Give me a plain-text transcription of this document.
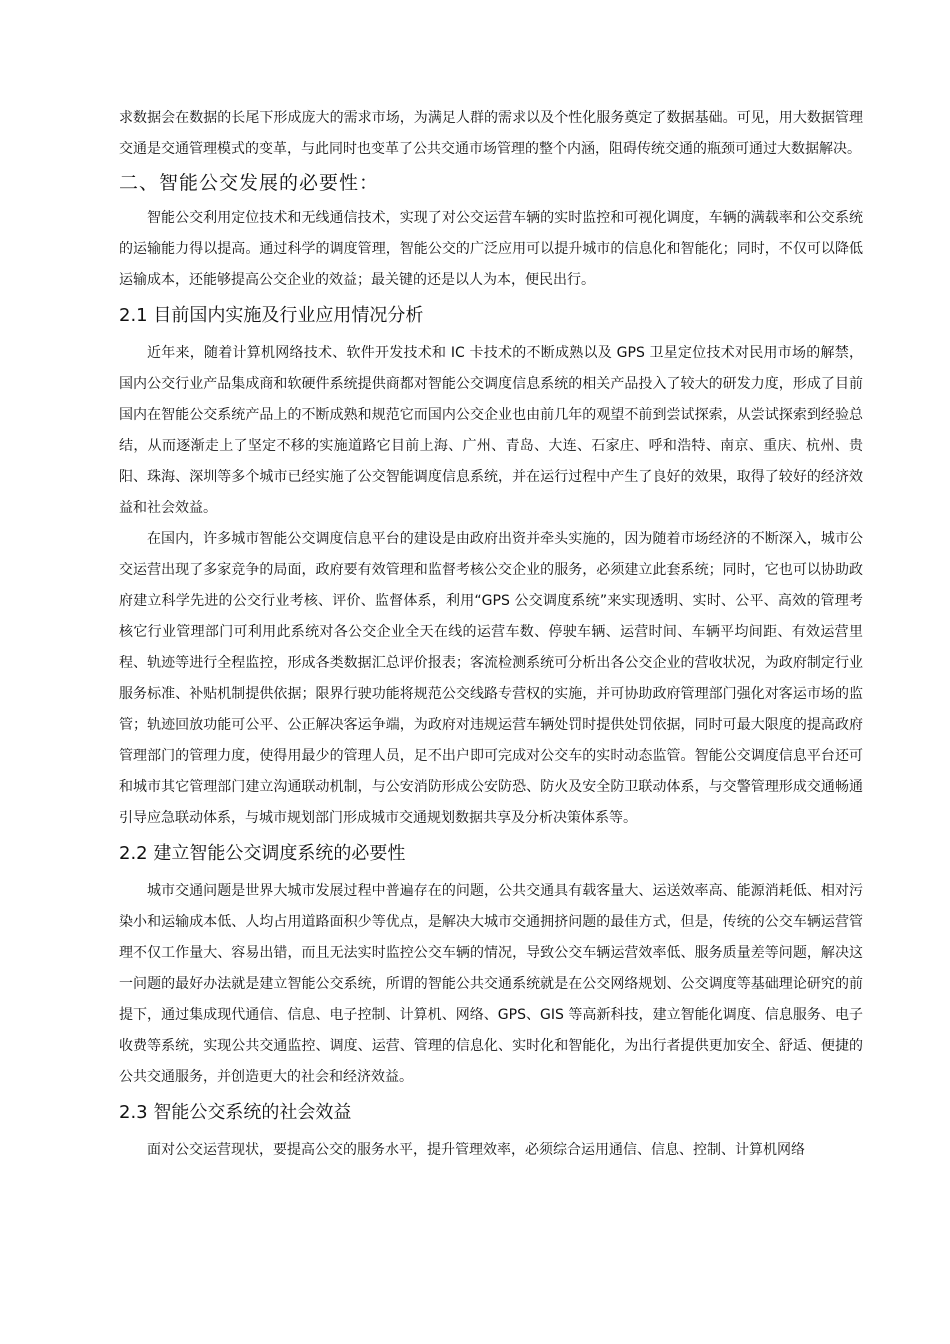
求数据会在数据的长尾下形成庞大的需求市场，为满足人群的需求以及个性化服务奠定了数据基础。可见，用大数据管理交通是交通管理模式的变革，与此同时也变革了公共交通市场管理的整个内涵，阻碍传统交通的瓶颈可通过大数据解决。

二、智能公交发展的必要性：

智能公交利用定位技术和无线通信技术，实现了对公交运营车辆的实时监控和可视化调度，车辆的满载率和公交系统的运输能力得以提高。通过科学的调度管理，智能公交的广泛应用可以提升城市的信息化和智能化；同时，不仅可以降低运输成本，还能够提高公交企业的效益；最关键的还是以人为本，便民出行。

2.1 目前国内实施及行业应用情况分析

近年来，随着计算机网络技术、软件开发技术和 IC 卡技术的不断成熟以及 GPS 卫星定位技术对民用市场的解禁，国内公交行业产品集成商和软硬件系统提供商都对智能公交调度信息系统的相关产品投入了较大的研发力度，形成了目前国内在智能公交系统产品上的不断成熟和规范它而国内公交企业也由前几年的观望不前到尝试探索，从尝试探索到经验总结，从而逐渐走上了坚定不移的实施道路它目前上海、广州、青岛、大连、石家庄、呼和浩特、南京、重庆、杭州、贵阳、珠海、深圳等多个城市已经实施了公交智能调度信息系统，并在运行过程中产生了良好的效果，取得了较好的经济效益和社会效益。

在国内，许多城市智能公交调度信息平台的建设是由政府出资并牵头实施的，因为随着市场经济的不断深入，城市公交运营出现了多家竞争的局面，政府要有效管理和监督考核公交企业的服务，必须建立此套系统；同时，它也可以协助政府建立科学先进的公交行业考核、评价、监督体系，利用“GPS 公交调度系统”来实现透明、实时、公平、高效的管理考核它行业管理部门可利用此系统对各公交企业全天在线的运营车数、停驶车辆、运营时间、车辆平均间距、有效运营里程、轨迹等进行全程监控，形成各类数据汇总评价报表；客流检测系统可分析出各公交企业的营收状况，为政府制定行业服务标准、补贴机制提供依据；限界行驶功能将规范公交线路专营权的实施，并可协助政府管理部门强化对客运市场的监管；轨迹回放功能可公平、公正解决客运争端，为政府对违规运营车辆处罚时提供处罚依据，同时可最大限度的提高政府管理部门的管理力度，使得用最少的管理人员，足不出户即可完成对公交车的实时动态监管。智能公交调度信息平台还可和城市其它管理部门建立沟通联动机制，与公安消防形成公安防恐、防火及安全防卫联动体系，与交警管理形成交通畅通引导应急联动体系，与城市规划部门形成城市交通规划数据共享及分析决策体系等。

2.2 建立智能公交调度系统的必要性

城市交通问题是世界大城市发展过程中普遍存在的问题，公共交通具有载客量大、运送效率高、能源消耗低、相对污染小和运输成本低、人均占用道路面积少等优点，是解决大城市交通拥挤问题的最佳方式，但是，传统的公交车辆运营管理不仅工作量大、容易出错，而且无法实时监控公交车辆的情况，导致公交车辆运营效率低、服务质量差等问题，解决这一问题的最好办法就是建立智能公交系统，所谓的智能公共交通系统就是在公交网络规划、公交调度等基础理论研究的前提下，通过集成现代通信、信息、电子控制、计算机、网络、GPS、GIS 等高新科技，建立智能化调度、信息服务、电子收费等系统，实现公共交通监控、调度、运营、管理的信息化、实时化和智能化，为出行者提供更加安全、舒适、便捷的公共交通服务，并创造更大的社会和经济效益。

2.3 智能公交系统的社会效益

面对公交运营现状，要提高公交的服务水平，提升管理效率，必须综合运用通信、信息、控制、计算机网络
